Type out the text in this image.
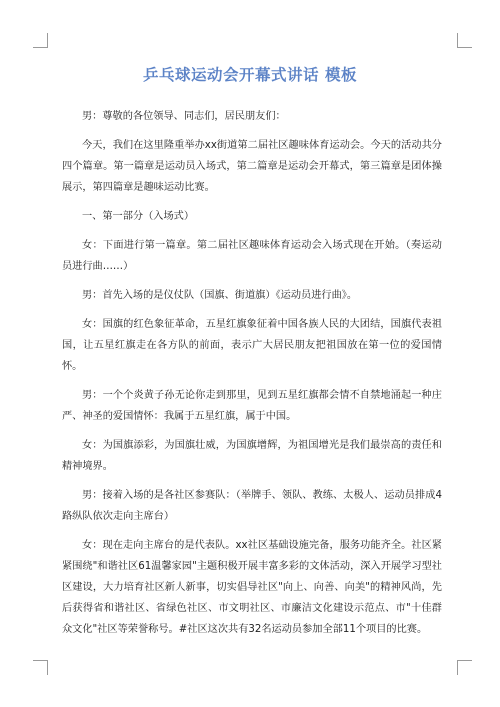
乒乓球运动会开幕式讲话 模板

男：尊敬的各位领导、同志们，居民朋友们：

今天，我们在这里隆重举办xx街道第二届社区趣味体育运动会。今天的活动共分四个篇章。第一篇章是运动员入场式，第二篇章是运动会开幕式，第三篇章是团体操展示，第四篇章是趣味运动比赛。

一、第一部分（入场式）

女：下面进行第一篇章。第二届社区趣味体育运动会入场式现在开始。（奏运动员进行曲……）

男：首先入场的是仪仗队（国旗、街道旗）《运动员进行曲》。

女：国旗的红色象征革命，五星红旗象征着中国各族人民的大团结，国旗代表祖国，让五星红旗走在各方队的前面，表示广大居民朋友把祖国放在第一位的爱国情怀。

男：一个个炎黄子孙无论你走到那里，见到五星红旗都会情不自禁地涌起一种庄严、神圣的爱国情怀：我属于五星红旗，属于中国。

女：为国旗添彩，为国旗壮威，为国旗增辉，为祖国增光是我们最崇高的责任和精神境界。

男：接着入场的是各社区参赛队：（举牌手、领队、教练、太极人、运动员排成4路纵队依次走向主席台）

女：现在走向主席台的是代表队。xx社区基础设施完备，服务功能齐全。社区紧紧围绕"和谐社区61温馨家园"主题积极开展丰富多彩的文体活动，深入开展学习型社区建设，大力培育社区新人新事，切实倡导社区"向上、向善、向美"的精神风尚，先后获得省和谐社区、省绿色社区、市文明社区、市廉洁文化建设示范点、市"十佳群众文化"社区等荣誉称号。#社区这次共有32名运动员参加全部11个项目的比赛。
